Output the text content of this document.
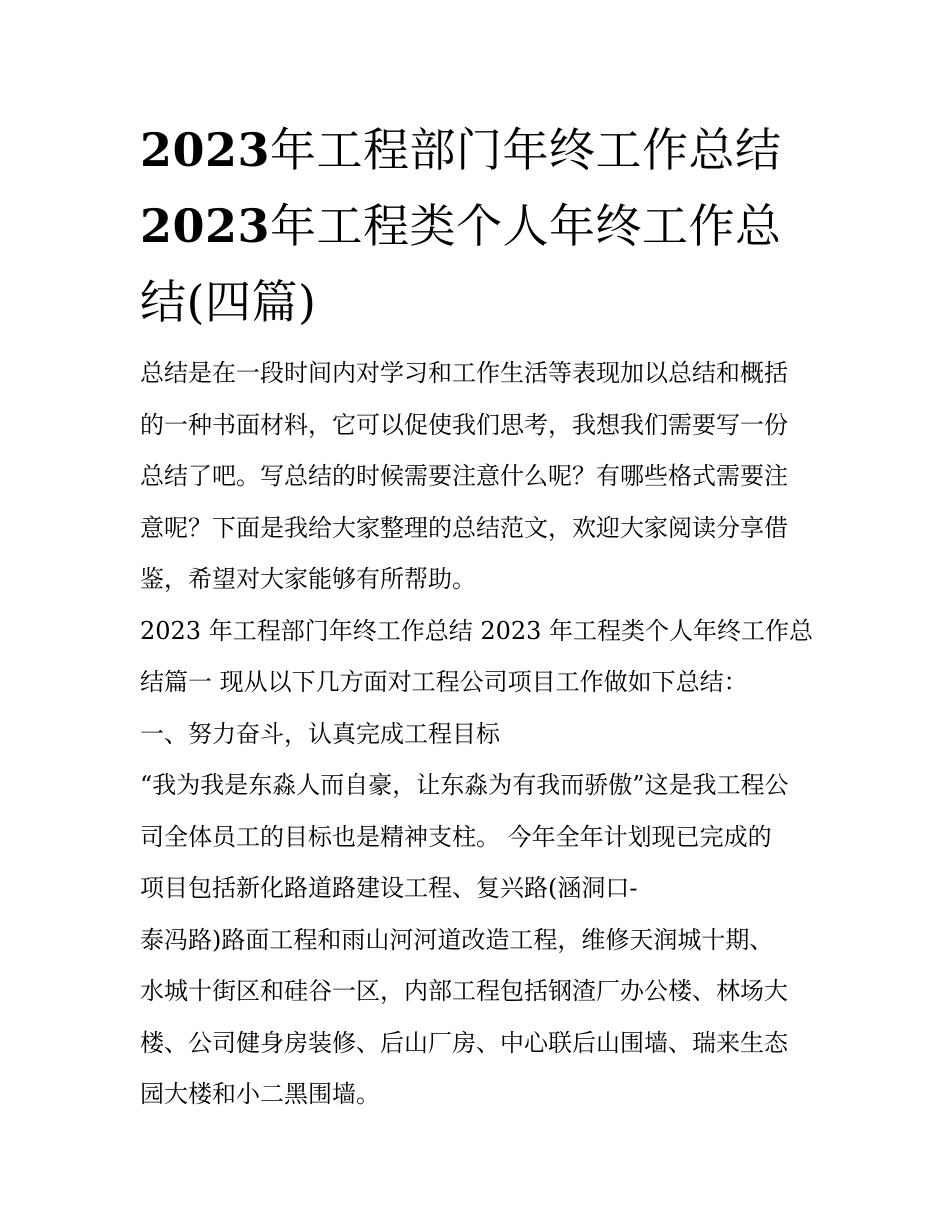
2023年工程部门年终工作总结
2023年工程类个人年终工作总
结(四篇)
总结是在一段时间内对学习和工作生活等表现加以总结和概括
的一种书面材料，它可以促使我们思考，我想我们需要写一份
总结了吧。写总结的时候需要注意什么呢？有哪些格式需要注
意呢？下面是我给大家整理的总结范文，欢迎大家阅读分享借
鉴，希望对大家能够有所帮助。
2023 年工程部门年终工作总结 2023 年工程类个人年终工作总
结篇一 现从以下几方面对工程公司项目工作做如下总结：
一、努力奋斗，认真完成工程目标
“我为我是东淼人而自豪，让东淼为有我而骄傲”这是我工程公
司全体员工的目标也是精神支柱。 今年全年计划现已完成的
项目包括新化路道路建设工程、复兴路(涵洞口-
泰冯路)路面工程和雨山河河道改造工程，维修天润城十期、
水城十街区和硅谷一区，内部工程包括钢渣厂办公楼、林场大
楼、公司健身房装修、后山厂房、中心联后山围墙、瑞来生态
园大楼和小二黑围墙。
